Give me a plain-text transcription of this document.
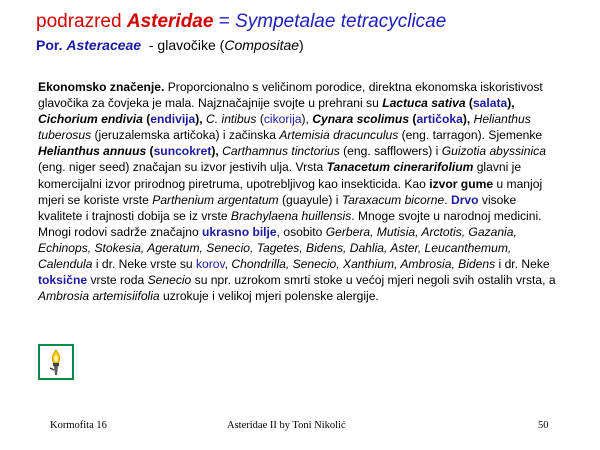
podrazred Asteridae = Sympetalae tetracyclicae
Por. Asteraceae - glavočike (Compositae)
Ekonomsko značenje. Proporcionalno s veličinom porodice, direktna ekonomska iskoristivost glavočika za čovjeka je mala. Najznačajnije svojte u prehrani su Lactuca sativa (salata), Cichorium endivia (endivija), C. intibus (cikorija), Cynara scolimus (artičoka), Helianthus tuberosus (jeruzalemska artičoka) i začinska Artemisia dracunculus (eng. tarragon). Sjemenke Helianthus annuus (suncokret), Carthamnus tinctorius (eng. safflowers) i Guizotia abyssinica (eng. niger seed) značajan su izvor jestivih ulja. Vrsta Tanacetum cinerarifolium glavni je komercijalni izvor prirodnog piretruma, upotrebljivog kao insekticida. Kao izvor gume u manjoj mjeri se koriste vrste Parthenium argentatum (guayule) i Taraxacum bicorne. Drvo visoke kvalitete i trajnosti dobija se iz vrste Brachylaena huillensis. Mnoge svojte u narodnoj medicini. Mnogi rodovi sadrže značajno ukrasno bilje, osobito Gerbera, Mutisia, Arctotis, Gazania, Echinops, Stokesia, Ageratum, Senecio, Tagetes, Bidens, Dahlia, Aster, Leucanthemum, Calendula i dr. Neke vrste su korov, Chondrilla, Senecio, Xanthium, Ambrosia, Bidens i dr. Neke toksične vrste roda Senecio su npr. uzrokom smrti stoke u većoj mjeri negoli svih ostalih vrsta, a Ambrosia artemisiifolia uzrokuje i velikoj mjeri polenske alergije.
Kormofita 16	Asteridae II by Toni Nikolić	50
